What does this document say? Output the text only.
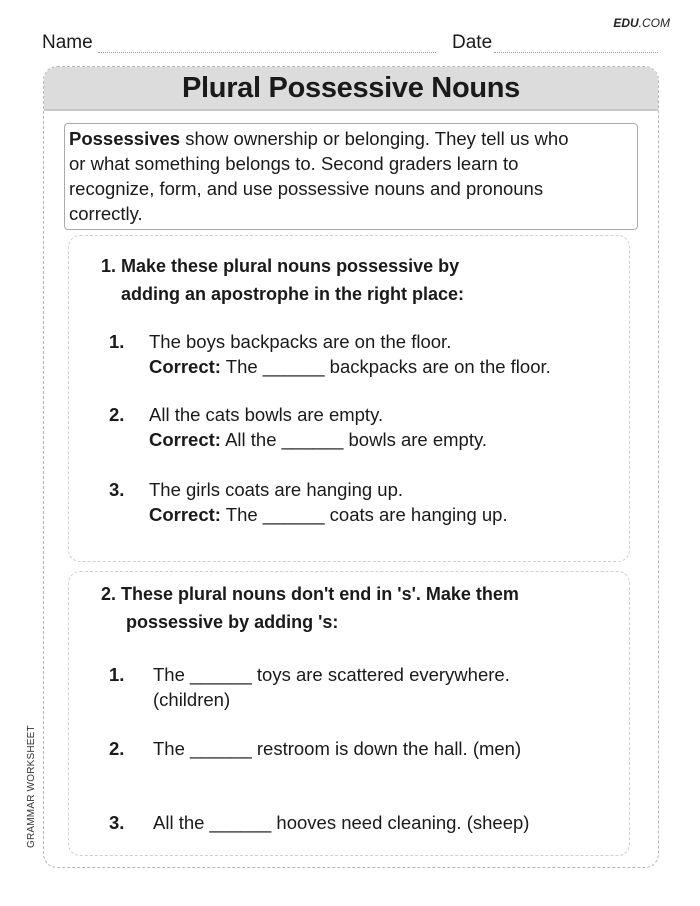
EDU.COM
Name	Date
Plural Possessive Nouns
Possessives show ownership or belonging. They tell us who
or what something belongs to. Second graders learn to
recognize, form, and use possessive nouns and pronouns
correctly.
1. Make these plural nouns possessive by
adding an apostrophe in the right place:
1. The boys backpacks are on the floor.
Correct: The ______ backpacks are on the floor.
2. All the cats bowls are empty.
Correct: All the ______ bowls are empty.
3. The girls coats are hanging up.
Correct: The ______ coats are hanging up.
2. These plural nouns don't end in 's'. Make them
possessive by adding 's:
1. The ______ toys are scattered everywhere.
(children)
2. The ______ restroom is down the hall. (men)
3. All the ______ hooves need cleaning. (sheep)
GRAMMAR WORKSHEET
